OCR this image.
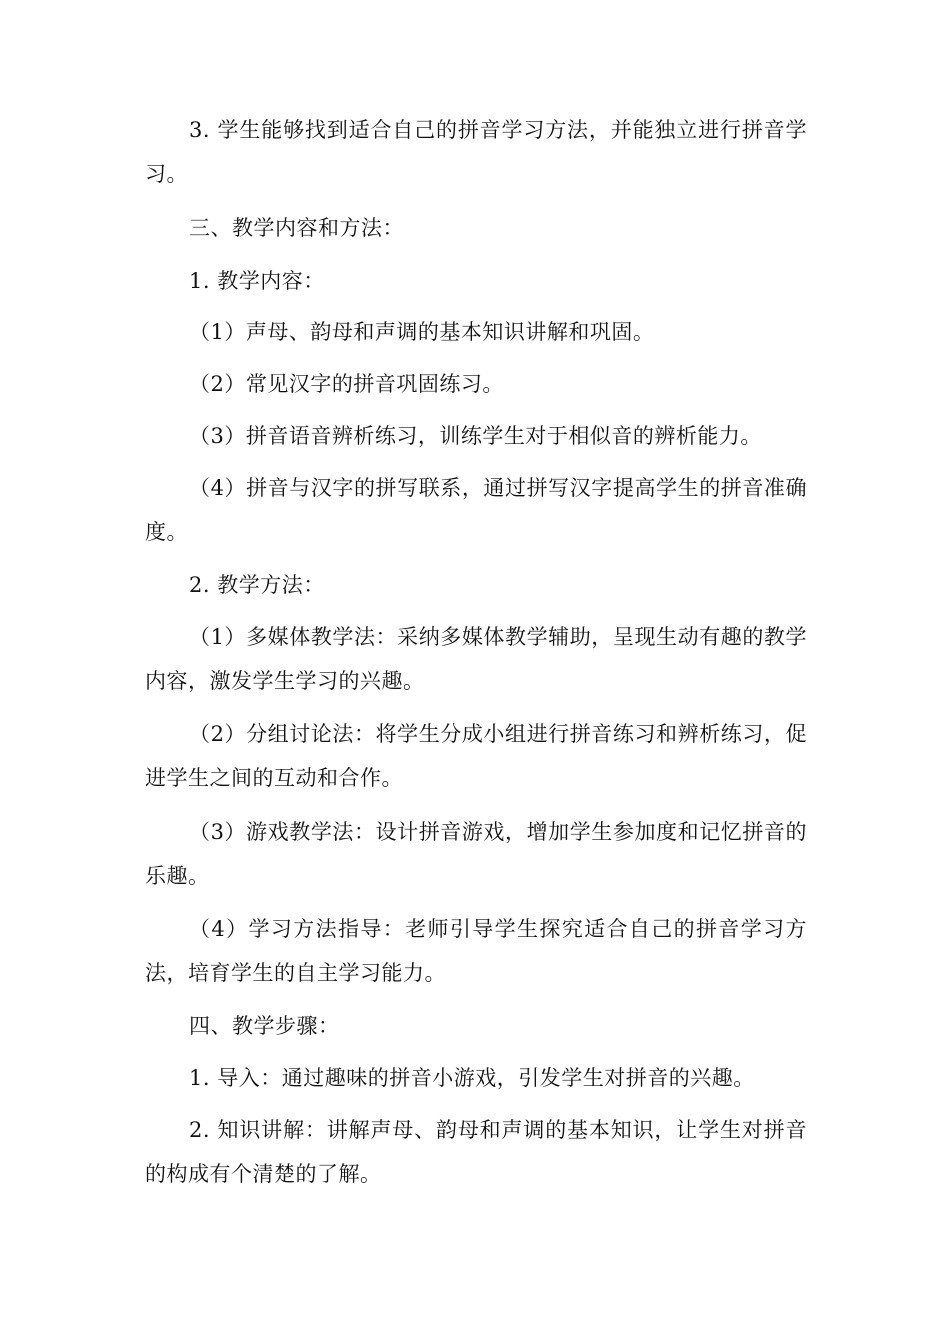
3. 学生能够找到适合自己的拼音学习方法，并能独立进行拼音学习。

三、教学内容和方法：

1. 教学内容：

（1）声母、韵母和声调的基本知识讲解和巩固。

（2）常见汉字的拼音巩固练习。

（3）拼音语音辨析练习，训练学生对于相似音的辨析能力。

（4）拼音与汉字的拼写联系，通过拼写汉字提高学生的拼音准确度。

2. 教学方法：

（1）多媒体教学法：采纳多媒体教学辅助，呈现生动有趣的教学内容，激发学生学习的兴趣。

（2）分组讨论法：将学生分成小组进行拼音练习和辨析练习，促进学生之间的互动和合作。

（3）游戏教学法：设计拼音游戏，增加学生参加度和记忆拼音的乐趣。

（4）学习方法指导：老师引导学生探究适合自己的拼音学习方法，培育学生的自主学习能力。

四、教学步骤：

1. 导入：通过趣味的拼音小游戏，引发学生对拼音的兴趣。

2. 知识讲解：讲解声母、韵母和声调的基本知识，让学生对拼音的构成有个清楚的了解。
